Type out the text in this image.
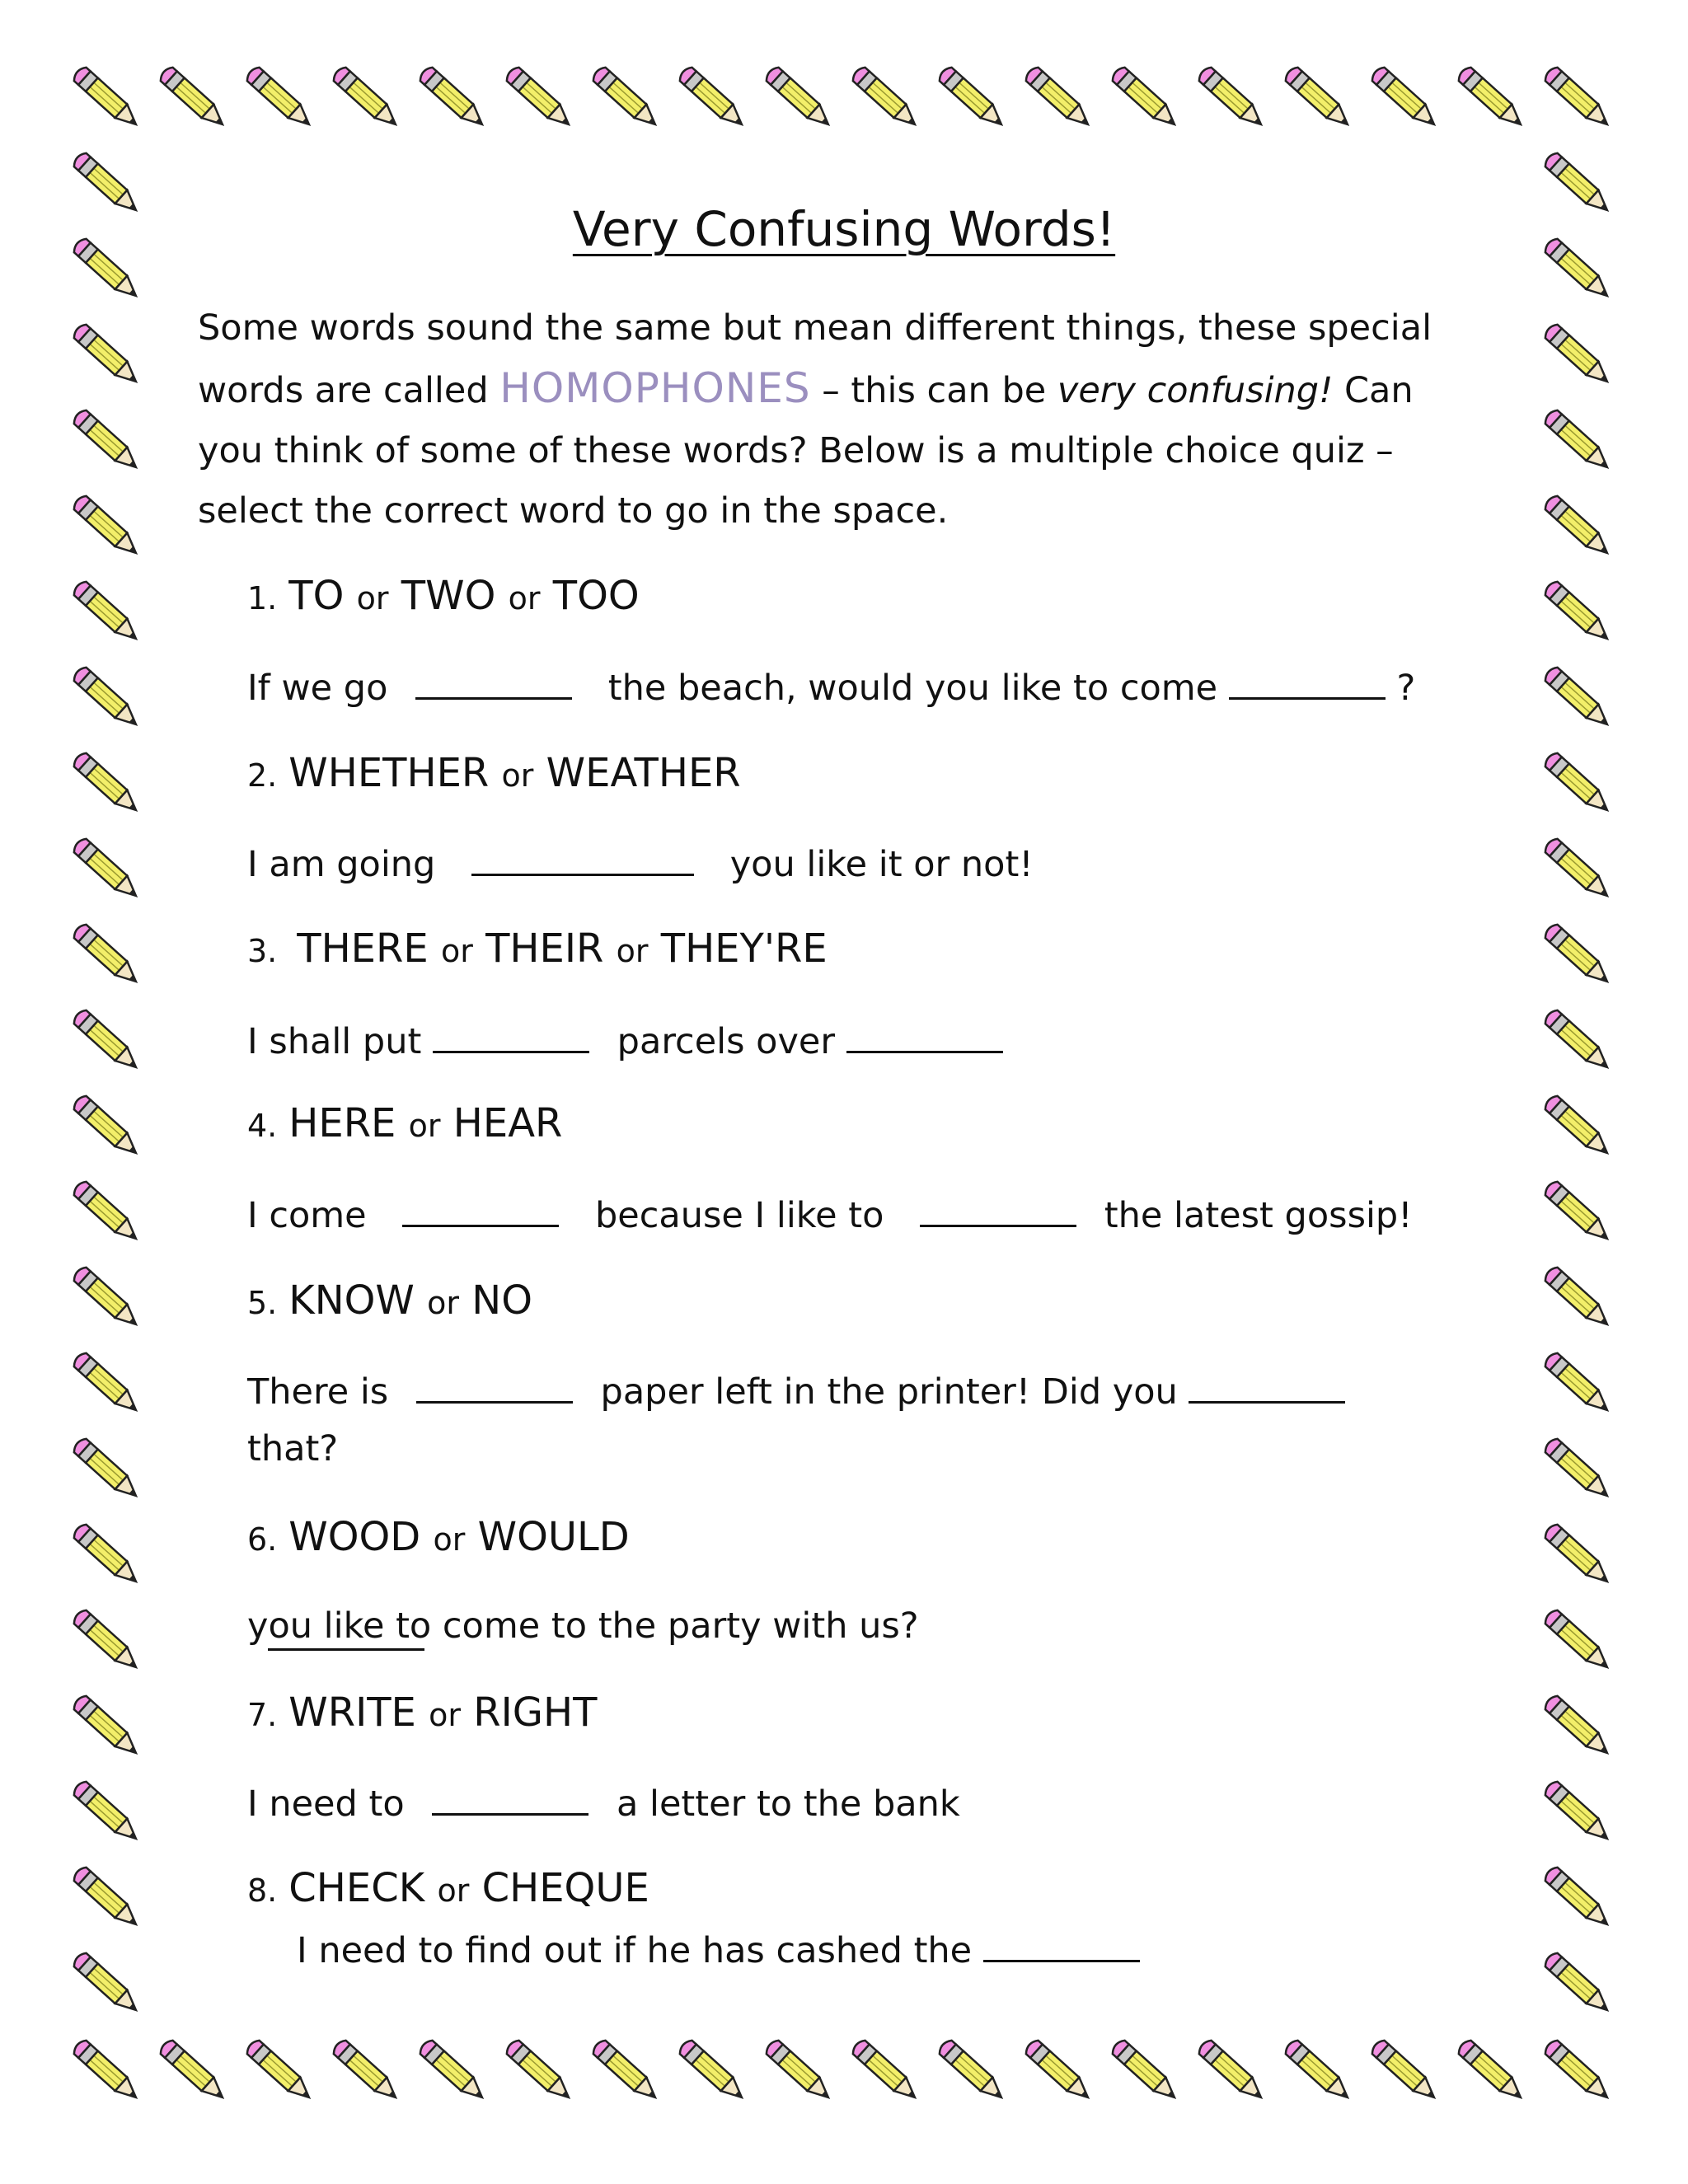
Very Confusing Words!

Some words sound the same but mean different things, these special words are called HOMOPHONES – this can be very confusing! Can you think of some of these words? Below is a multiple choice quiz – select the correct word to go in the space.

1. TO or TWO or TOO

If we go	the beach, would you like to come	?

2. WHETHER or WEATHER

I am going	you like it or not!

3. THERE or THEIR or THEY'RE

I shall put	parcels over

4. HERE or HEAR

I come	because I like to	the latest gossip!

5. KNOW or NO

There is	paper left in the printer! Did you

that?

6. WOOD or WOULD

you like to come to the party with us?

7. WRITE or RIGHT

I need to	a letter to the bank

8. CHECK or CHEQUE

I need to find out if he has cashed the
